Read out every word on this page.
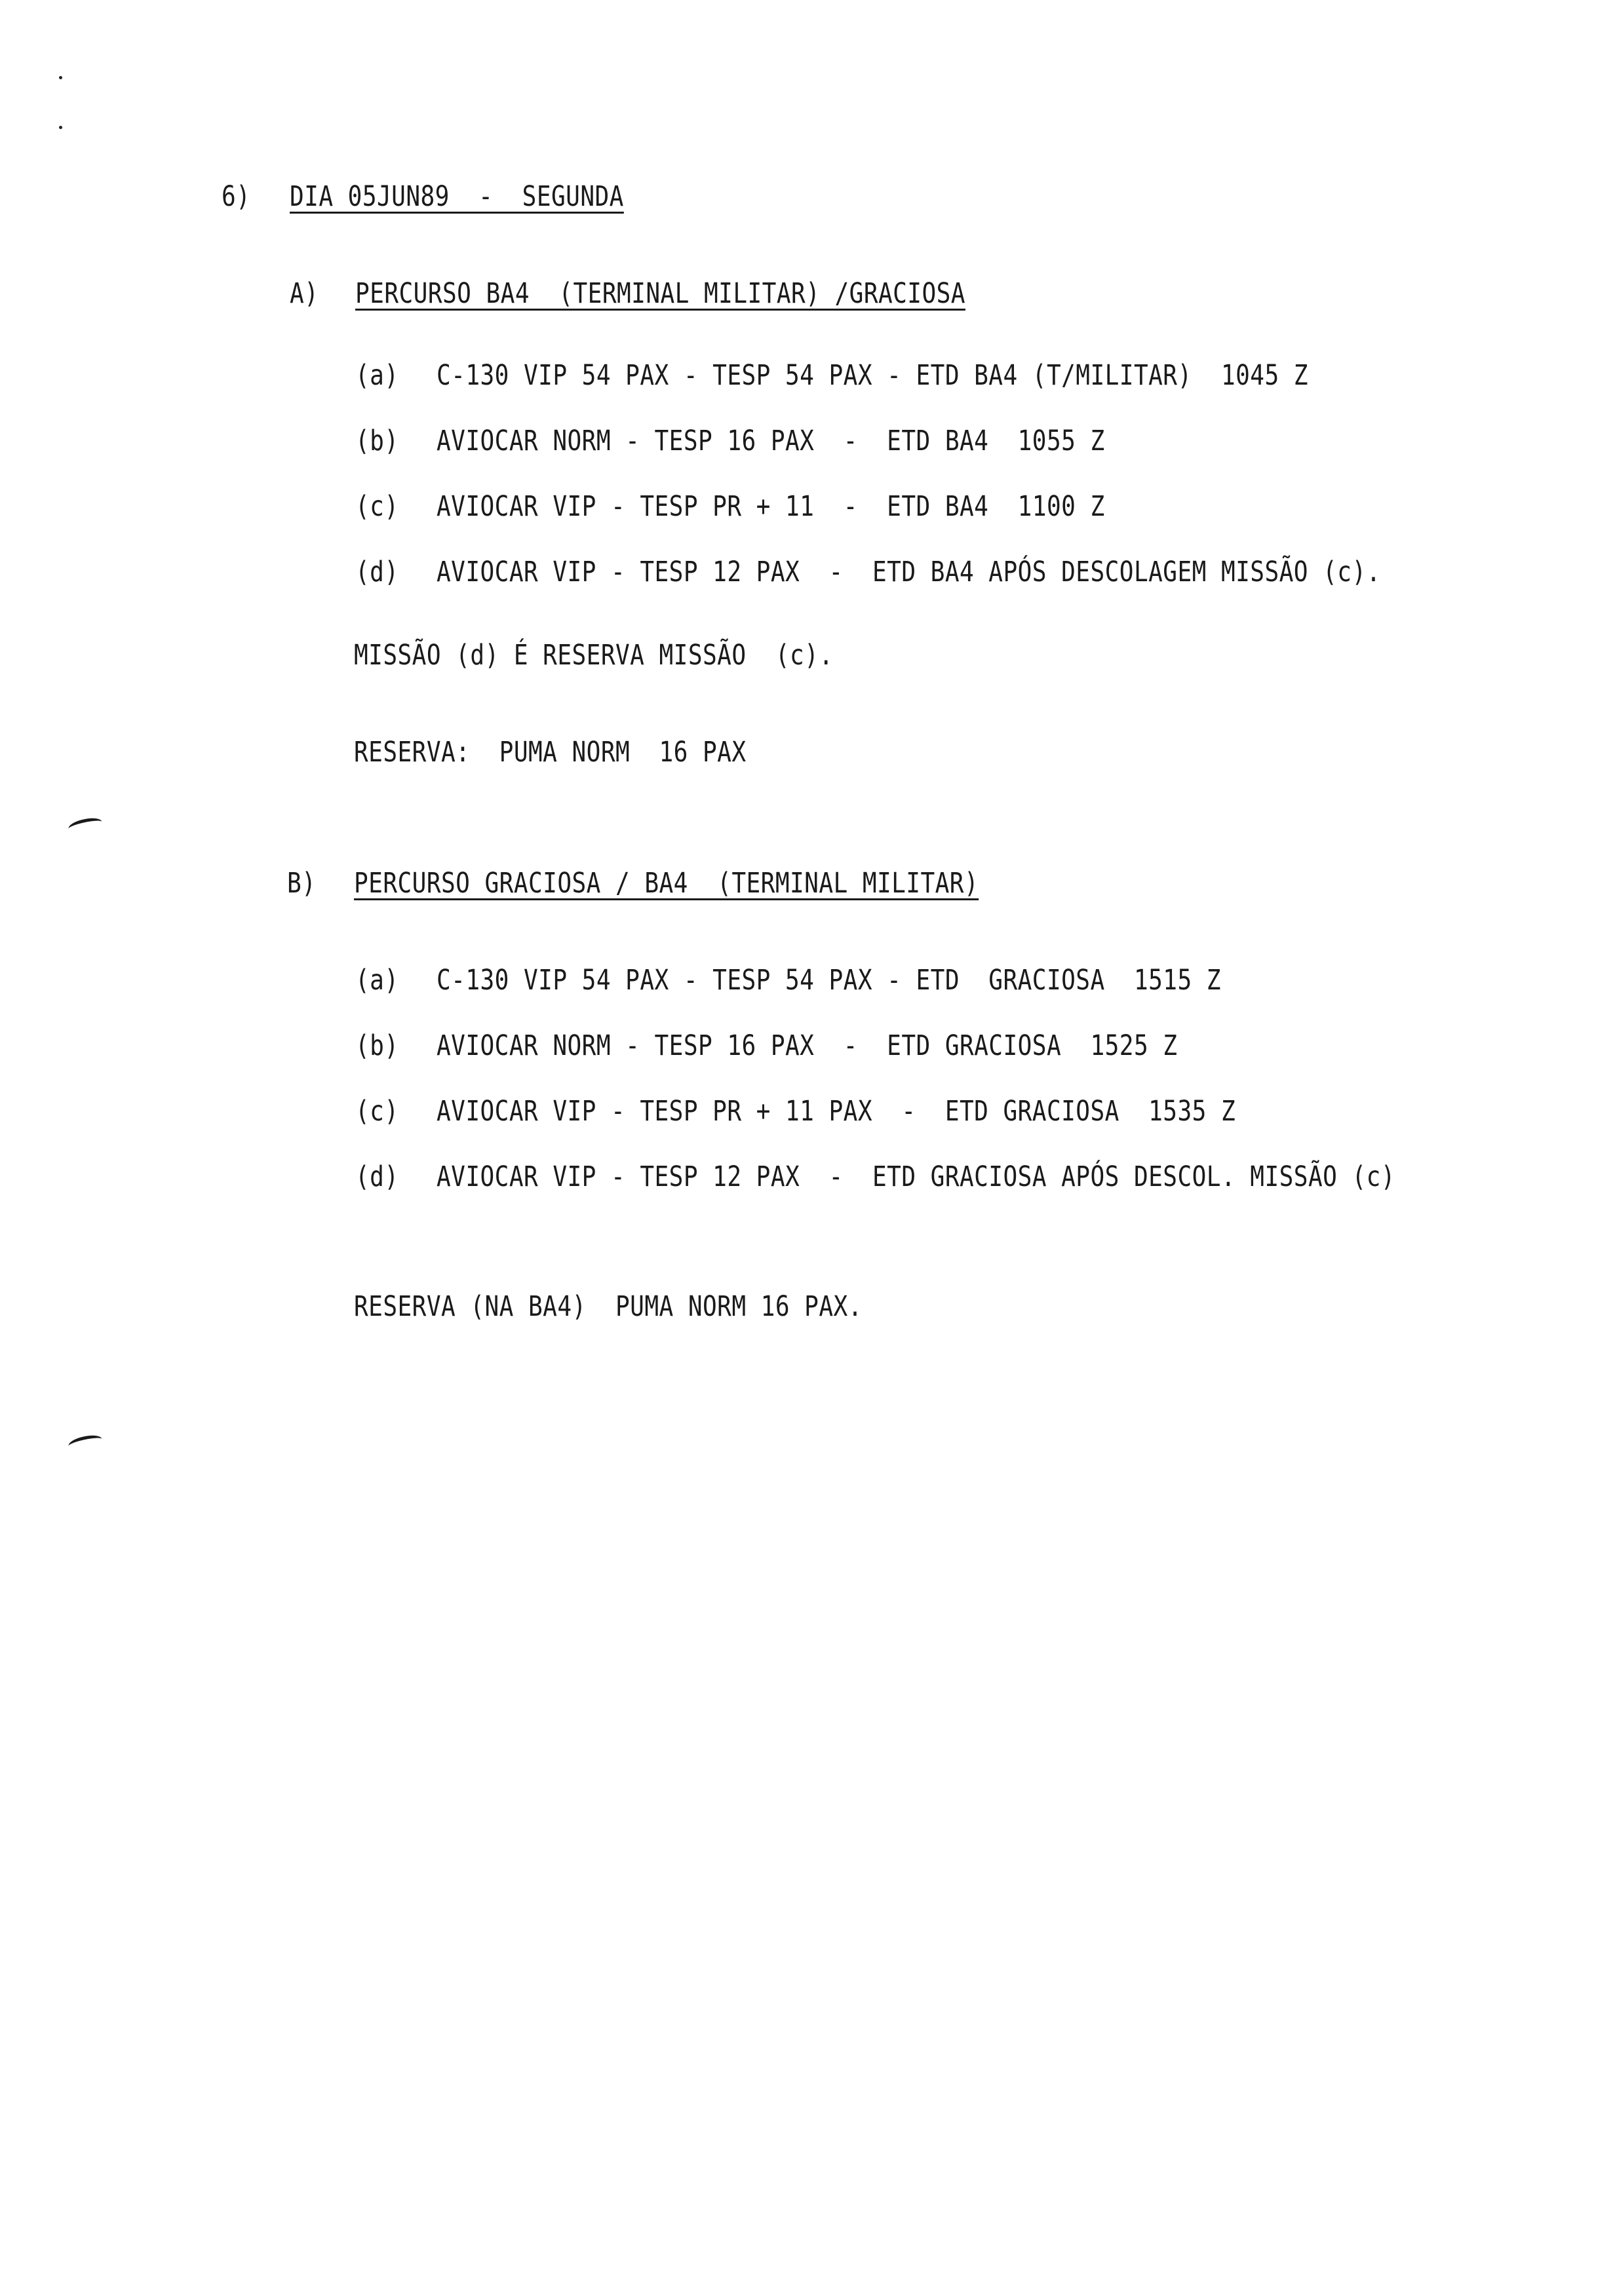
6) DIA 05JUN89  -  SEGUNDA
A) PERCURSO BA4  (TERMINAL MILITAR) /GRACIOSA
(a) C-130 VIP 54 PAX - TESP 54 PAX - ETD BA4 (T/MILITAR)  1045 Z
(b) AVIOCAR NORM - TESP 16 PAX  -  ETD BA4  1055 Z
(c) AVIOCAR VIP - TESP PR + 11  -  ETD BA4  1100 Z
(d) AVIOCAR VIP - TESP 12 PAX  -  ETD BA4 APÓS DESCOLAGEM MISSÃO (c).
MISSÃO (d) É RESERVA MISSÃO  (c).
RESERVA:  PUMA NORM  16 PAX
B) PERCURSO GRACIOSA / BA4  (TERMINAL MILITAR)
(a) C-130 VIP 54 PAX - TESP 54 PAX - ETD  GRACIOSA  1515 Z
(b) AVIOCAR NORM - TESP 16 PAX  -  ETD GRACIOSA  1525 Z
(c) AVIOCAR VIP - TESP PR + 11 PAX  -  ETD GRACIOSA  1535 Z
(d) AVIOCAR VIP - TESP 12 PAX  -  ETD GRACIOSA APÓS DESCOL. MISSÃO (c)
RESERVA (NA BA4)  PUMA NORM 16 PAX.
